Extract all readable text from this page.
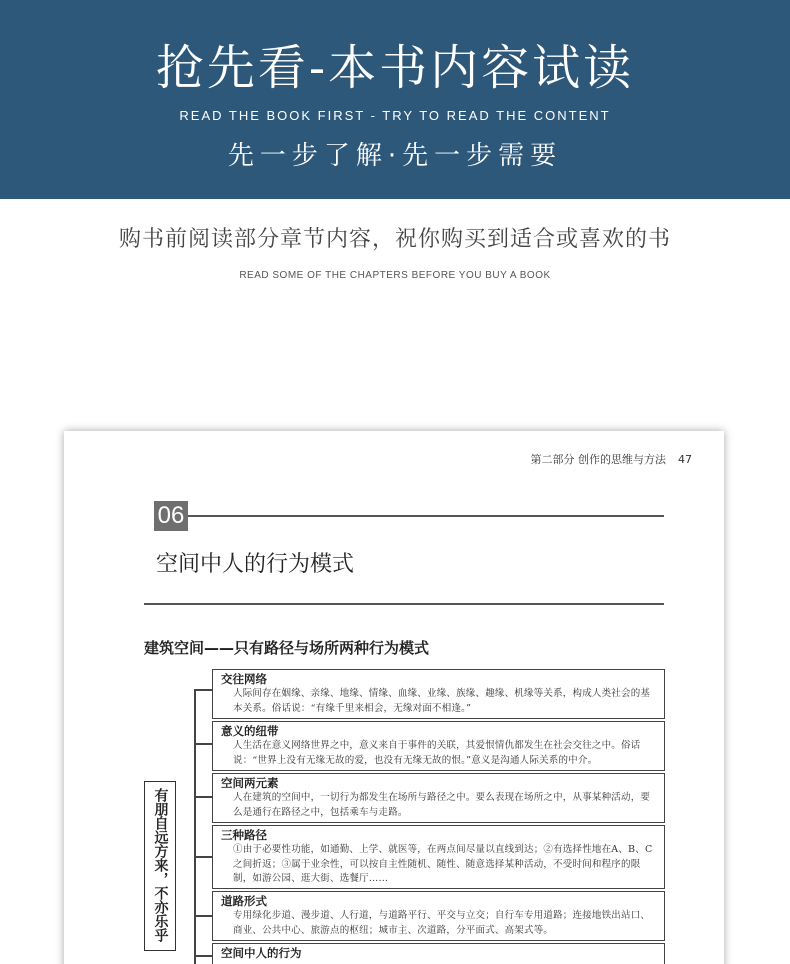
抢先看-本书内容试读
READ THE BOOK FIRST - TRY TO READ THE CONTENT
先一步了解·先一步需要
购书前阅读部分章节内容，祝你购买到适合或喜欢的书
READ SOME OF THE CHAPTERS BEFORE YOU BUY A BOOK
第二部分 创作的思维与方法 47
06
空间中人的行为模式
建筑空间——只有路径与场所两种行为模式
有朋自远方来，不亦乐乎
交往网络
人际间存在姻缘、亲缘、地缘、情缘、血缘、业缘、族缘、趣缘、机缘等关系，构成人类社会的基本关系。俗话说：“有缘千里来相会，无缘对面不相逢。”
意义的纽带
人生活在意义网络世界之中，意义来自于事件的关联，其爱恨情仇都发生在社会交往之中。俗话说：“世界上没有无缘无故的爱，也没有无缘无故的恨。”意义是沟通人际关系的中介。
空间两元素
人在建筑的空间中，一切行为都发生在场所与路径之中。要么表现在场所之中，从事某种活动，要么是通行在路径之中，包括乘车与走路。
三种路径
①由于必要性功能，如通勤、上学、就医等，在两点间尽量以直线到达；②有选择性地在A、B、C之间折返；③属于业余性，可以按自主性随机、随性、随意选择某种活动，不受时间和程序的限制，如游公园、逛大街、选餐厅……
道路形式
专用绿化步道、漫步道、人行道，与道路平行、平交与立交；自行车专用道路；连接地铁出站口、商业、公共中心、旅游点的枢纽；城市主、次道路，分平面式、高架式等。
空间中人的行为
